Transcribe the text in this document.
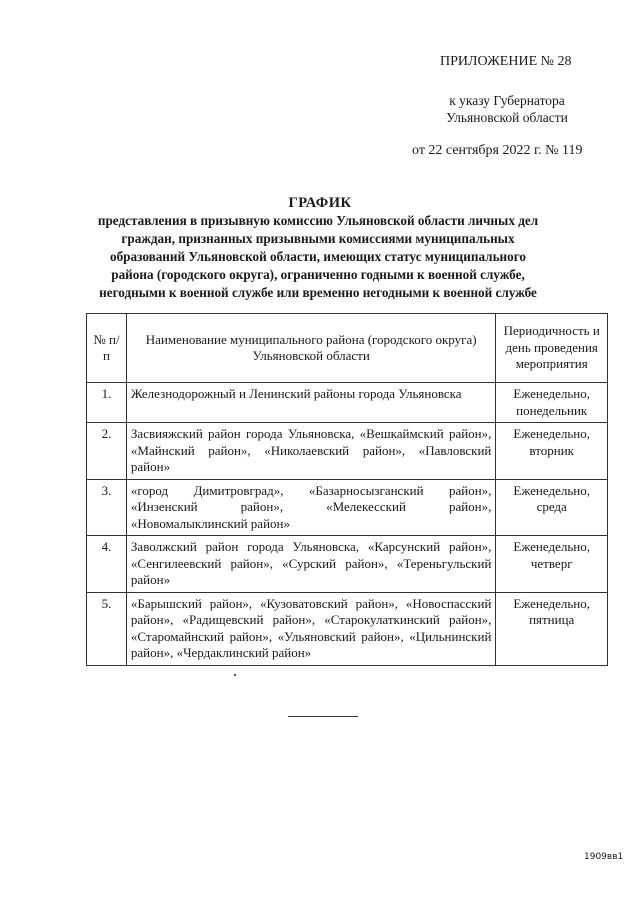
ПРИЛОЖЕНИЕ № 28
к указу Губернатора
Ульяновской области
от 22 сентября 2022 г. № 119
ГРАФИК
представления в призывную комиссию Ульяновской области личных дел граждан, признанных призывными комиссиями муниципальных образований Ульяновской области, имеющих статус муниципального района (городского округа), ограниченно годными к военной службе, негодными к военной службе или временно негодными к военной службе
№ п/п	Наименование муниципального района (городского округа) Ульяновской области	Периодичность и день проведения мероприятия
1.	Железнодорожный и Ленинский районы города Ульяновска	Еженедельно, понедельник
2.	Засвияжский район города Ульяновска, «Вешкаймский район», «Майнский район», «Николаевский район», «Павловский район»	Еженедельно, вторник
3.	«город Димитровград», «Базарносызганский район», «Инзенский район», «Мелекесский район», «Новомалыклинский район»	Еженедельно, среда
4.	Заволжский район города Ульяновска, «Карсунский район», «Сенгилеевский район», «Сурский район», «Тереньгульский район»	Еженедельно, четверг
5.	«Барышский район», «Кузоватовский район», «Новоспасский район», «Радищевский район», «Старокулаткинский район», «Старомайнский район», «Ульяновский район», «Цильнинский район», «Чердаклинский район»	Еженедельно, пятница
1909вв1
